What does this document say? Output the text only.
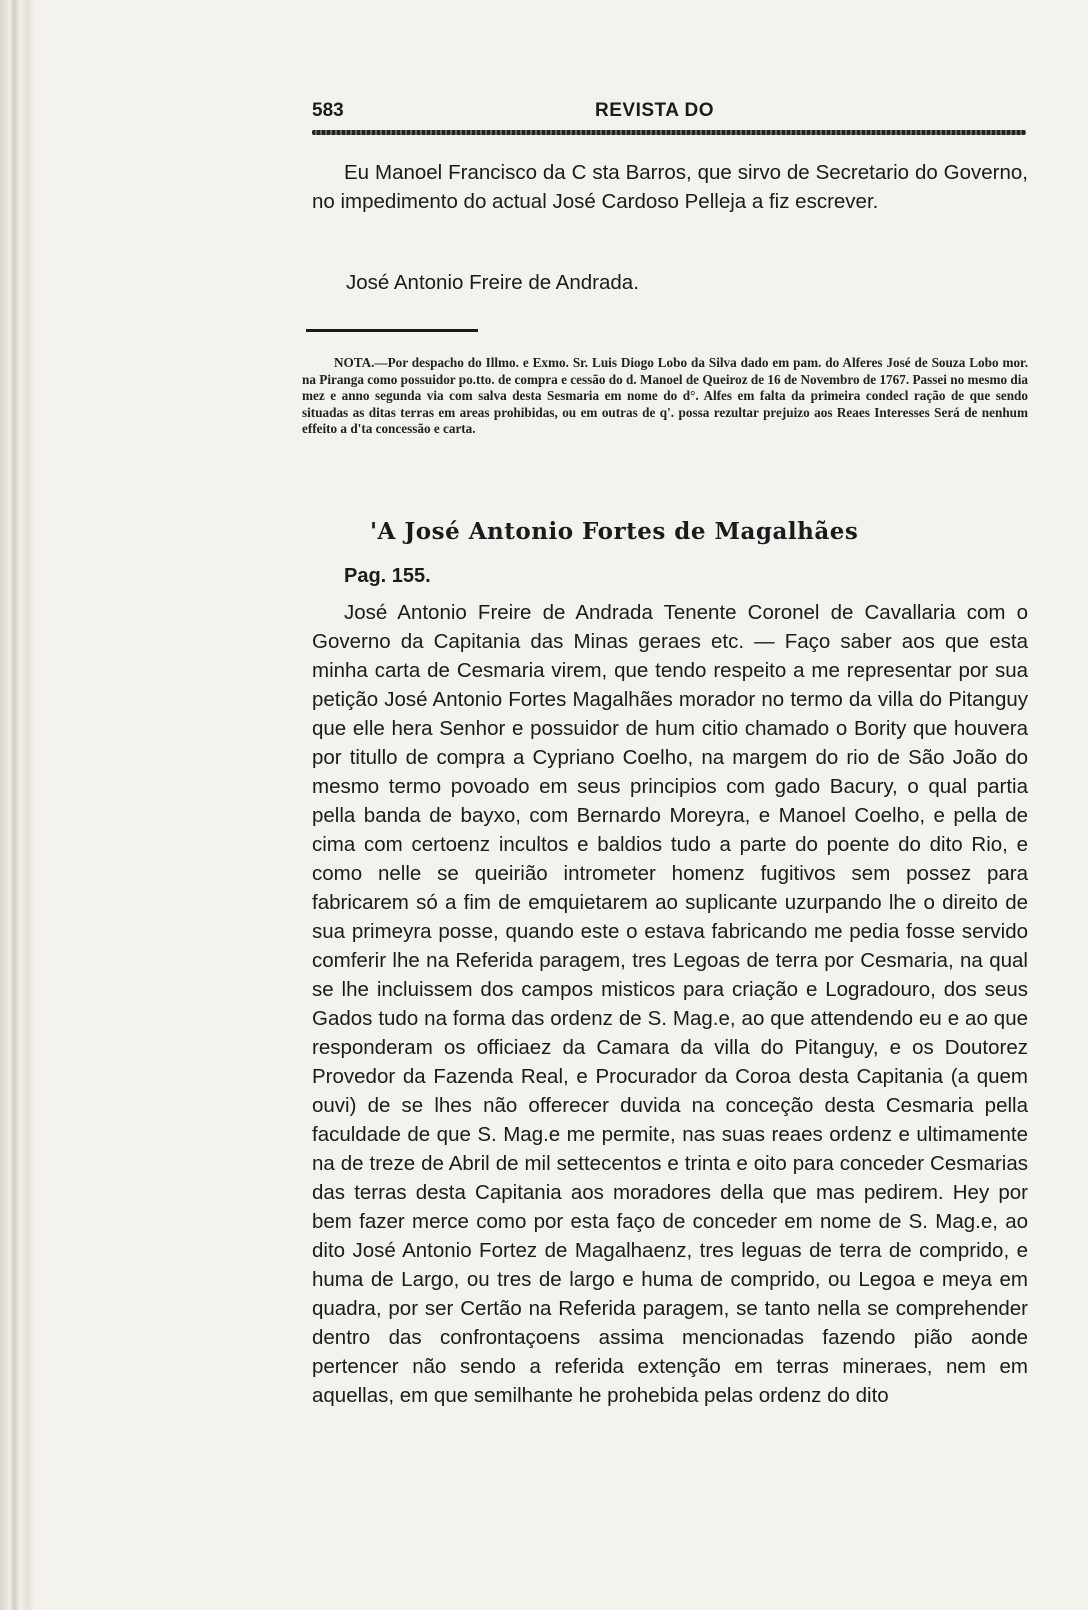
583	REVISTA DO

Eu Manoel Francisco da C sta Barros, que sirvo de Secretario do Governo, no impedimento do actual José Cardoso Pelleja a fiz escrever.

José Antonio Freire de Andrada.

NOTA.—Por despacho do Illmo. e Exmo. Sr. Luis Diogo Lobo da Silva dado em pam. do Alferes José de Souza Lobo mor. na Piranga como possuidor po.tto. de compra e cessão do d. Manoel de Queiroz de 16 de Novembro de 1767. Passei no mesmo dia mez e anno segunda via com salva desta Sesmaria em nome do d°. Alfes em falta da primeira condecl ração de que sendo situadas as ditas terras em areas prohibidas, ou em outras de q'. possa rezultar prejuizo aos Reaes Interesses Será de nenhum effeito a d'ta concessão e carta.

'A José Antonio Fortes de Magalhães
Pag. 155.

José Antonio Freire de Andrada Tenente Coronel de Cavallaria com o Governo da Capitania das Minas geraes etc. — Faço saber aos que esta minha carta de Cesmaria virem, que tendo respeito a me representar por sua petição José Antonio Fortes Magalhães morador no termo da villa do Pitanguy que elle hera Senhor e possuidor de hum citio chamado o Bority que houvera por titullo de compra a Cypriano Coelho, na margem do rio de São João do mesmo termo povoado em seus principios com gado Bacury, o qual partia pella banda de bayxo, com Bernardo Moreyra, e Manoel Coelho, e pella de cima com certoenz incultos e baldios tudo a parte do poente do dito Rio, e como nelle se queirião intrometer homenz fugitivos sem possez para fabricarem só a fim de emquietarem ao suplicante uzurpando lhe o direito de sua primeyra posse, quando este o estava fabricando me pedia fosse servido comferir lhe na Referida paragem, tres Legoas de terra por Cesmaria, na qual se lhe incluissem dos campos misticos para criação e Logradouro, dos seus Gados tudo na forma das ordenz de S. Mag.e, ao que attendendo eu e ao que responderam os officiaez da Camara da villa do Pitanguy, e os Doutorez Provedor da Fazenda Real, e Procurador da Coroa desta Capitania (a quem ouvi) de se lhes não offerecer duvida na conceção desta Cesmaria pella faculdade de que S. Mag.e me permite, nas suas reaes ordenz e ultimamente na de treze de Abril de mil settecentos e trinta e oito para conceder Cesmarias das terras desta Capitania aos moradores della que mas pedirem. Hey por bem fazer merce como por esta faço de conceder em nome de S. Mag.e, ao dito José Antonio Fortez de Magalhaenz, tres leguas de terra de comprido, e huma de Largo, ou tres de largo e huma de comprido, ou Legoa e meya em quadra, por ser Certão na Referida paragem, se tanto nella se comprehender dentro das confrontaçoens assima mencionadas fazendo pião aonde pertencer não sendo a referida extenção em terras mineraes, nem em aquellas, em que semilhante he prohebida pelas ordenz do dito
